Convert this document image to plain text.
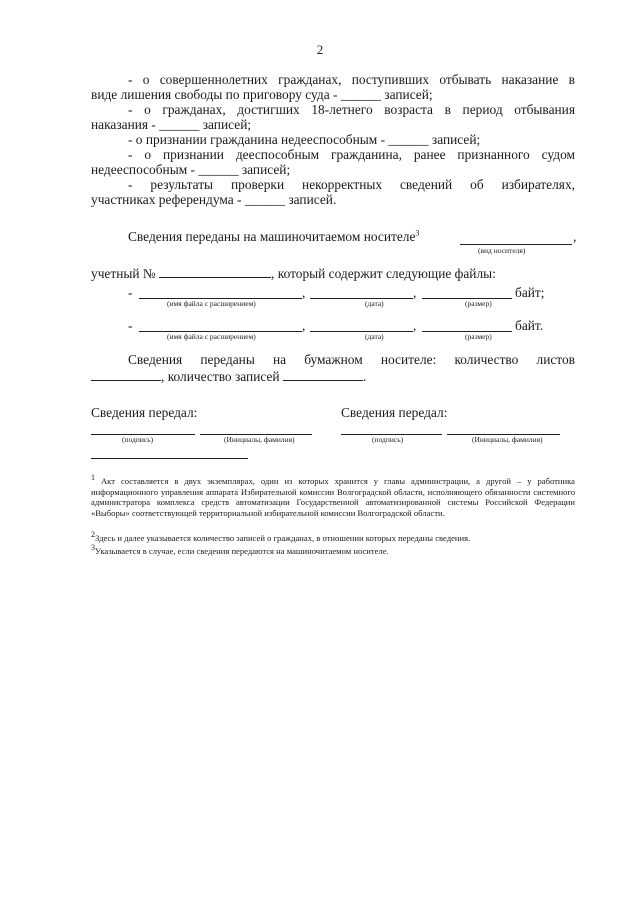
2

- о совершеннолетних гражданах, поступивших отбывать наказание в

виде лишения свободы по приговору суда - ______ записей;

- о гражданах, достигших 18-летнего возраста в период отбывания

наказания - ______ записей;

- о признании гражданина недееспособным - ______ записей;

- о признании дееспособным гражданина, ранее признанного судом

недееспособным - ______ записей;

- результаты проверки некорректных сведений об избирателях,

участниках референдума - ______ записей.

Сведения переданы на машиночитаемом носителе$^3$	,
(вид носителя)
учетный №	, который содержит следующие файлы:
-	,	,	байт;
(имя файла с расширением)	(дата)	(размер)
-	,	,	байт.
(имя файла с расширением)	(дата)	(размер)

Сведения переданы на бумажном носителе: количество листов

, количество записей	.
Сведения передал:	Сведения передал:
(подпись)	(Инициалы, фамилия)	(подпись)	(Инициалы, фамилия)
1 Акт составляется в двух экземплярах, один из которых хранится у главы администрации, а другой – у работника информационного управления аппарата Избирательной комиссии Волгоградской области, исполняющего обязанности системного администратора комплекса средств автоматизации Государственной автоматизированной системы Российской Федерации «Выборы» соответствующей территориальной избирательной комиссии Волгоградской области.
2Здесь и далее указывается количество записей о гражданах, в отношении которых переданы сведения.
3Указывается в случае, если сведения передаются на машиночитаемом носителе.
